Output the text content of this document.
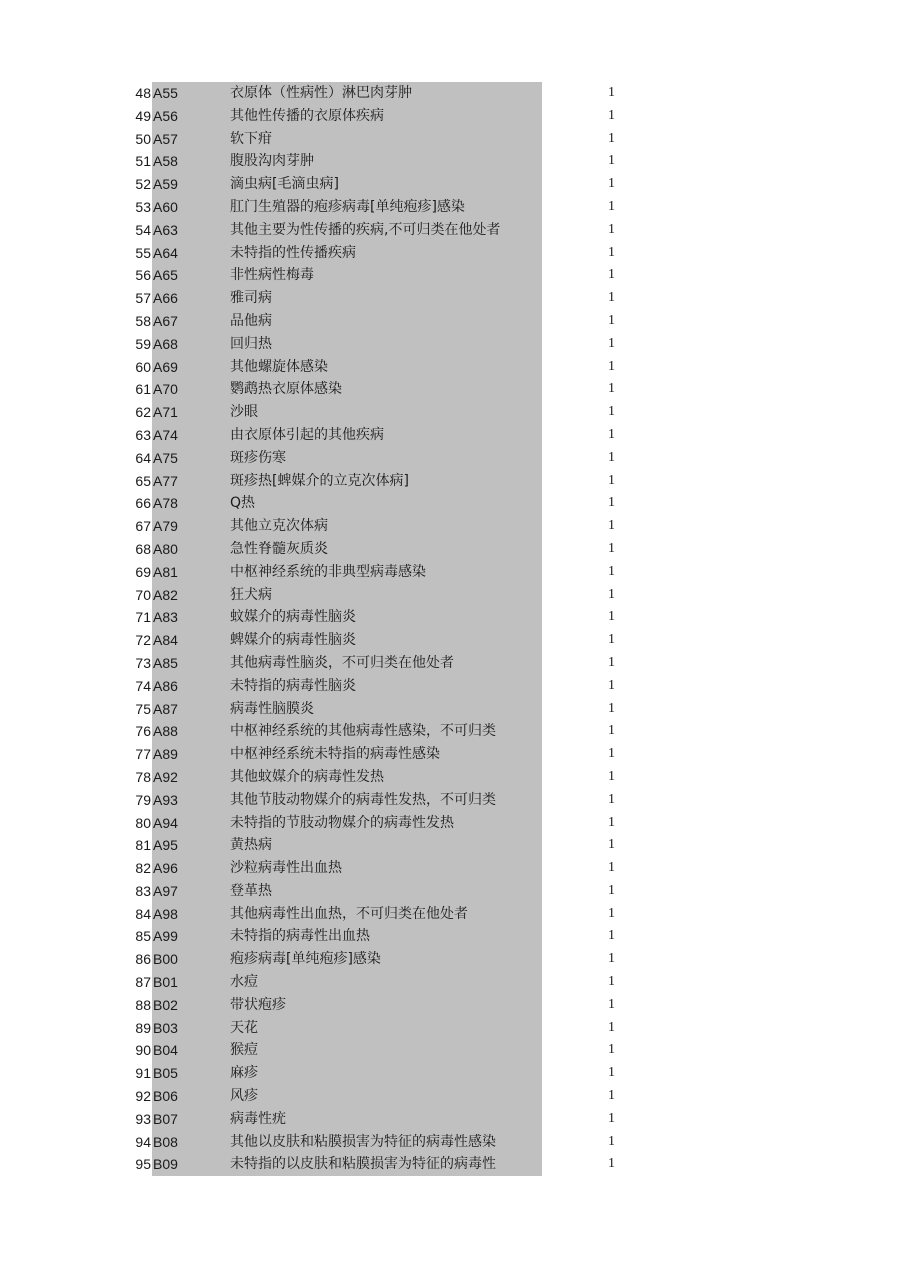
48 A55	衣原体（性病性）淋巴肉芽肿	1
49 A56	其他性传播的衣原体疾病	1
50 A57	软下疳	1
51 A58	腹股沟肉芽肿	1
52 A59	滴虫病[毛滴虫病]	1
53 A60	肛门生殖器的疱疹病毒[单纯疱疹]感染	1
54 A63	其他主要为性传播的疾病,不可归类在他处者	1
55 A64	未特指的性传播疾病	1
56 A65	非性病性梅毒	1
57 A66	雅司病	1
58 A67	品他病	1
59 A68	回归热	1
60 A69	其他螺旋体感染	1
61 A70	鹦鹉热衣原体感染	1
62 A71	沙眼	1
63 A74	由衣原体引起的其他疾病	1
64 A75	斑疹伤寒	1
65 A77	斑疹热[蜱媒介的立克次体病]	1
66 A78	Q热	1
67 A79	其他立克次体病	1
68 A80	急性脊髓灰质炎	1
69 A81	中枢神经系统的非典型病毒感染	1
70 A82	狂犬病	1
71 A83	蚊媒介的病毒性脑炎	1
72 A84	蜱媒介的病毒性脑炎	1
73 A85	其他病毒性脑炎，不可归类在他处者	1
74 A86	未特指的病毒性脑炎	1
75 A87	病毒性脑膜炎	1
76 A88	中枢神经系统的其他病毒性感染，不可归类	1
77 A89	中枢神经系统未特指的病毒性感染	1
78 A92	其他蚊媒介的病毒性发热	1
79 A93	其他节肢动物媒介的病毒性发热，不可归类	1
80 A94	未特指的节肢动物媒介的病毒性发热	1
81 A95	黄热病	1
82 A96	沙粒病毒性出血热	1
83 A97	登革热	1
84 A98	其他病毒性出血热，不可归类在他处者	1
85 A99	未特指的病毒性出血热	1
86 B00	疱疹病毒[单纯疱疹]感染	1
87 B01	水痘	1
88 B02	带状疱疹	1
89 B03	天花	1
90 B04	猴痘	1
91 B05	麻疹	1
92 B06	风疹	1
93 B07	病毒性疣	1
94 B08	其他以皮肤和粘膜损害为特征的病毒性感染	1
95 B09	未特指的以皮肤和粘膜损害为特征的病毒性	1
